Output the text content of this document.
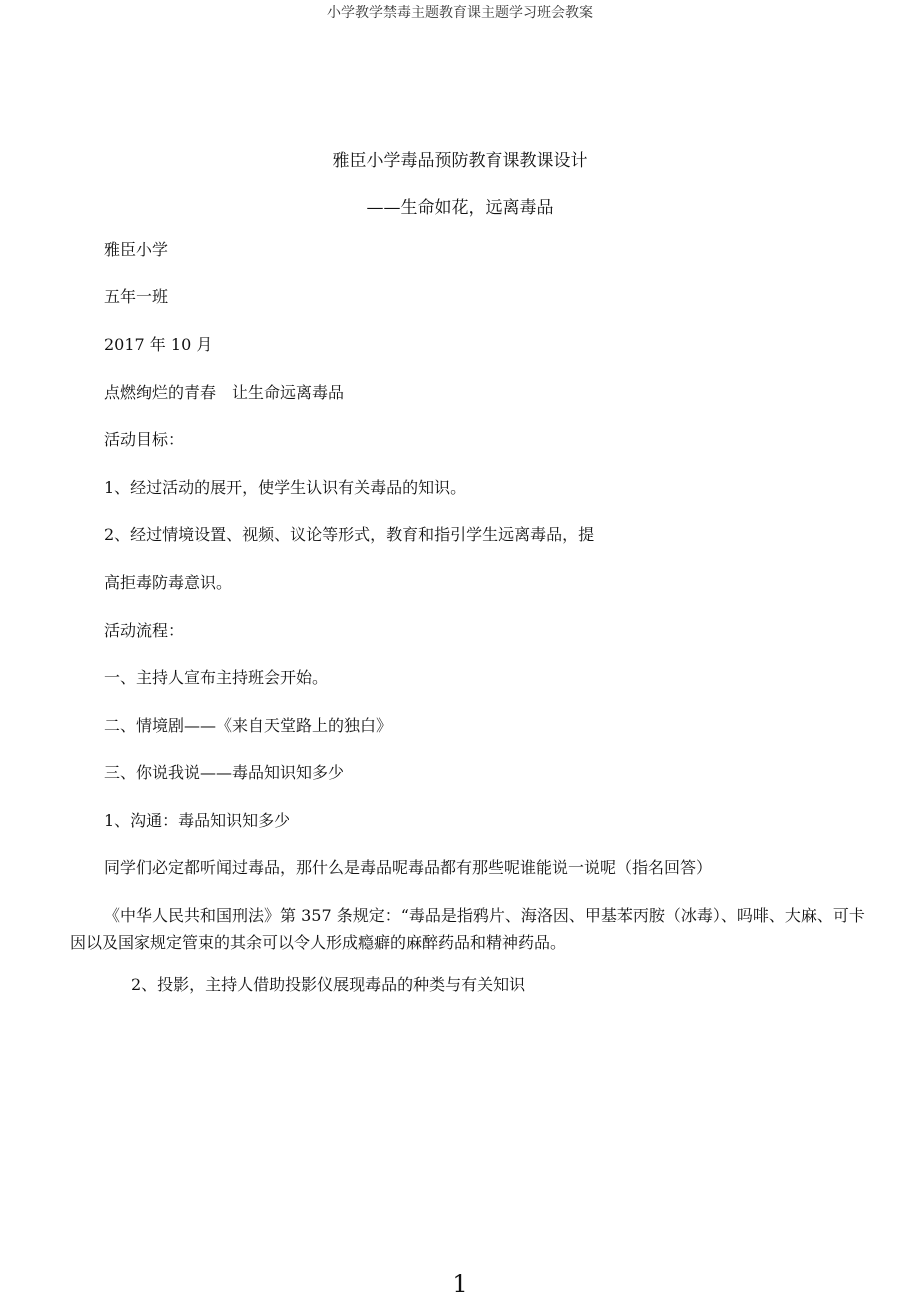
小学教学禁毒主题教育课主题学习班会教案
雅臣小学毒品预防教育课教课设计
——生命如花，远离毒品
雅臣小学
五年一班
2017 年 10 月
点燃绚烂的青春　让生命远离毒品
活动目标：
1、经过活动的展开，使学生认识有关毒品的知识。
2、经过情境设置、视频、议论等形式，教育和指引学生远离毒品，提
高拒毒防毒意识。
活动流程：
一、主持人宣布主持班会开始。
二、情境剧——《来自天堂路上的独白》
三、你说我说——毒品知识知多少
1、沟通：毒品知识知多少
同学们必定都听闻过毒品，那什么是毒品呢毒品都有那些呢谁能说一说呢（指名回答）
《中华人民共和国刑法》第 357 条规定：“毒品是指鸦片、海洛因、甲基苯丙胺（冰毒）、吗啡、大麻、可卡因以及国家规定管束的其余可以令人形成瘾癖的麻醉药品和精神药品。
2、投影，主持人借助投影仪展现毒品的种类与有关知识
1
